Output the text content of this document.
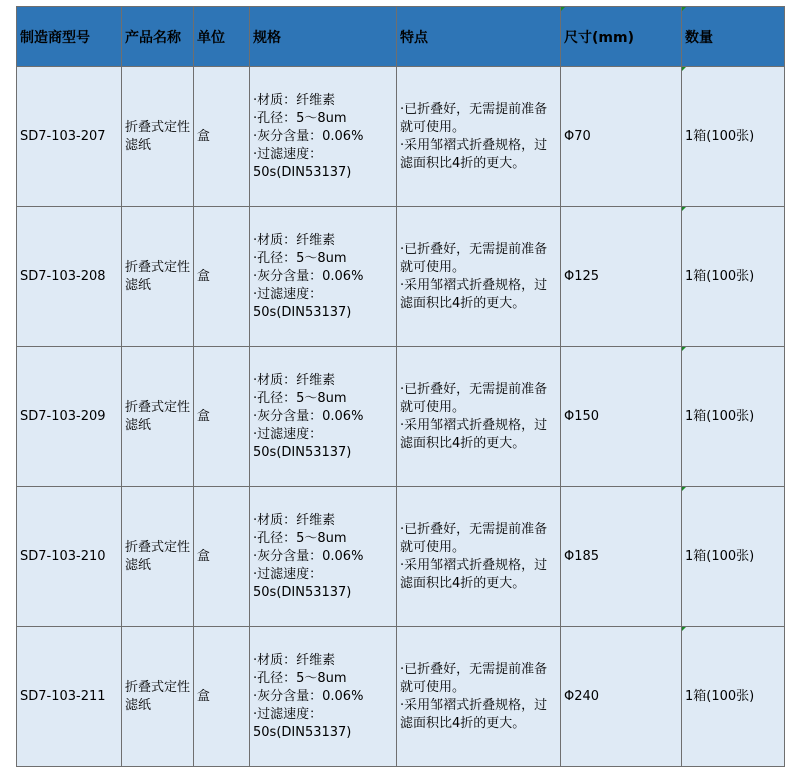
制造商型号	产品名称	单位	规格	特点	尺寸(mm)	数量

SD7-103-207	折叠式定性滤纸	盒	·材质：纤维素
·孔径：5～8um
·灰分含量：0.06%
·过滤速度：
50s(DIN53137)	·已折叠好，无需提前准备就可使用。
·采用邹褶式折叠规格，过滤面积比4折的更大。	Φ70	1箱(100张)

SD7-103-208	折叠式定性滤纸	盒	·材质：纤维素
·孔径：5～8um
·灰分含量：0.06%
·过滤速度：
50s(DIN53137)	·已折叠好，无需提前准备就可使用。
·采用邹褶式折叠规格，过滤面积比4折的更大。	Φ125	1箱(100张)

SD7-103-209	折叠式定性滤纸	盒	·材质：纤维素
·孔径：5～8um
·灰分含量：0.06%
·过滤速度：
50s(DIN53137)	·已折叠好，无需提前准备就可使用。
·采用邹褶式折叠规格，过滤面积比4折的更大。	Φ150	1箱(100张)

SD7-103-210	折叠式定性滤纸	盒	·材质：纤维素
·孔径：5～8um
·灰分含量：0.06%
·过滤速度：
50s(DIN53137)	·已折叠好，无需提前准备就可使用。
·采用邹褶式折叠规格，过滤面积比4折的更大。	Φ185	1箱(100张)

SD7-103-211	折叠式定性滤纸	盒	·材质：纤维素
·孔径：5～8um
·灰分含量：0.06%
·过滤速度：
50s(DIN53137)	·已折叠好，无需提前准备就可使用。
·采用邹褶式折叠规格，过滤面积比4折的更大。	Φ240	1箱(100张)
